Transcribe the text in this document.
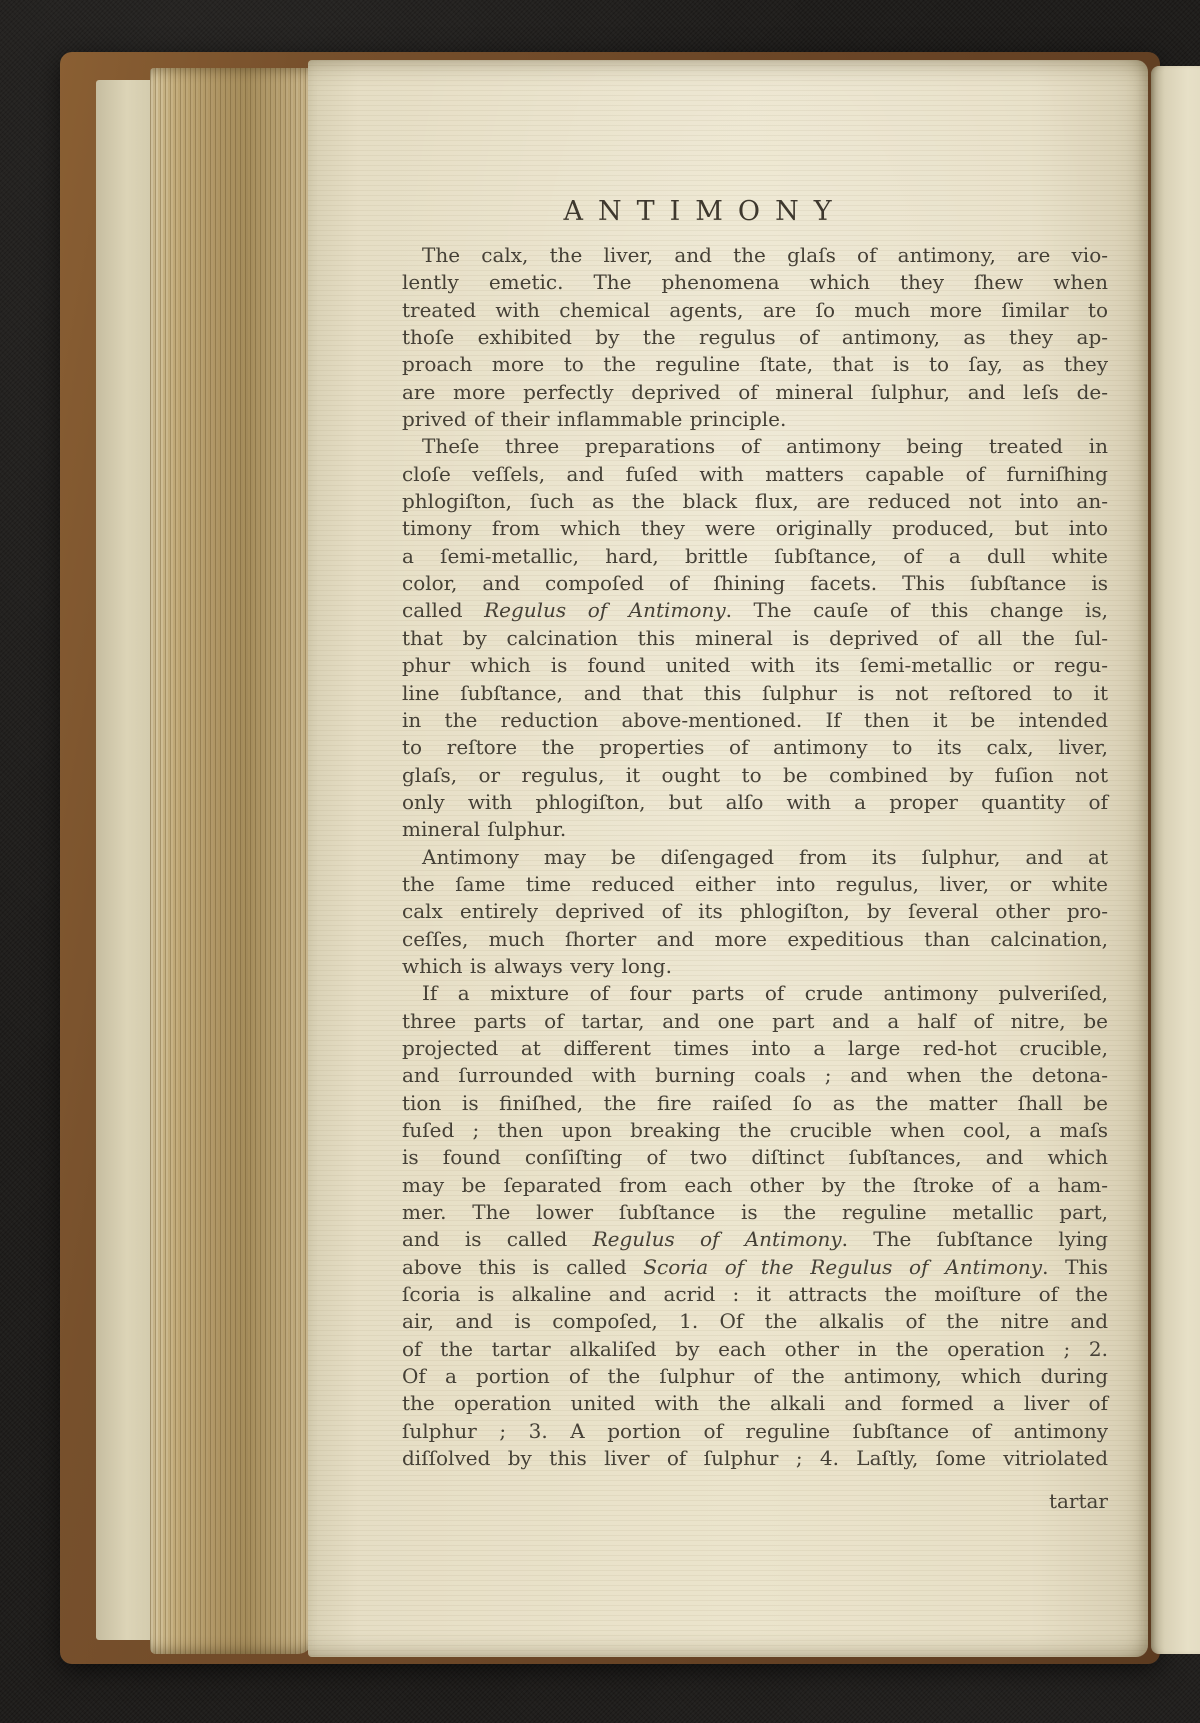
ANTIMONY
The calx, the liver, and the glaſs of antimony, are vio-
lently emetic. The phenomena which they ſhew when
treated with chemical agents, are ſo much more ſimilar to
thoſe exhibited by the regulus of antimony, as they ap-
proach more to the reguline ſtate, that is to ſay, as they
are more perfectly deprived of mineral ſulphur, and leſs de-
prived of their inflammable principle.
Theſe three preparations of antimony being treated in
cloſe veſſels, and fuſed with matters capable of furniſhing
phlogiſton, ſuch as the black flux, are reduced not into an-
timony from which they were originally produced, but into
a ſemi-metallic, hard, brittle ſubſtance, of a dull white
color, and compoſed of ſhining facets. This ſubſtance is
called Regulus of Antimony. The cauſe of this change is,
that by calcination this mineral is deprived of all the ſul-
phur which is found united with its ſemi-metallic or regu-
line ſubſtance, and that this ſulphur is not reſtored to it
in the reduction above-mentioned. If then it be intended
to reſtore the properties of antimony to its calx, liver,
glaſs, or regulus, it ought to be combined by fuſion not
only with phlogiſton, but alſo with a proper quantity of
mineral ſulphur.
Antimony may be diſengaged from its ſulphur, and at
the ſame time reduced either into regulus, liver, or white
calx entirely deprived of its phlogiſton, by ſeveral other pro-
ceſſes, much ſhorter and more expeditious than calcination,
which is always very long.
If a mixture of four parts of crude antimony pulveriſed,
three parts of tartar, and one part and a half of nitre, be
projected at different times into a large red-hot crucible,
and ſurrounded with burning coals ; and when the detona-
tion is finiſhed, the fire raiſed ſo as the matter ſhall be
fuſed ; then upon breaking the crucible when cool, a maſs
is found conſiſting of two diſtinct ſubſtances, and which
may be ſeparated from each other by the ſtroke of a ham-
mer. The lower ſubſtance is the reguline metallic part,
and is called Regulus of Antimony. The ſubſtance lying
above this is called Scoria of the Regulus of Antimony. This
ſcoria is alkaline and acrid : it attracts the moiſture of the
air, and is compoſed, 1. Of the alkalis of the nitre and
of the tartar alkaliſed by each other in the operation ; 2.
Of a portion of the ſulphur of the antimony, which during
the operation united with the alkali and formed a liver of
ſulphur ; 3. A portion of reguline ſubſtance of antimony
diſſolved by this liver of ſulphur ; 4. Laſtly, ſome vitriolated
tartar
